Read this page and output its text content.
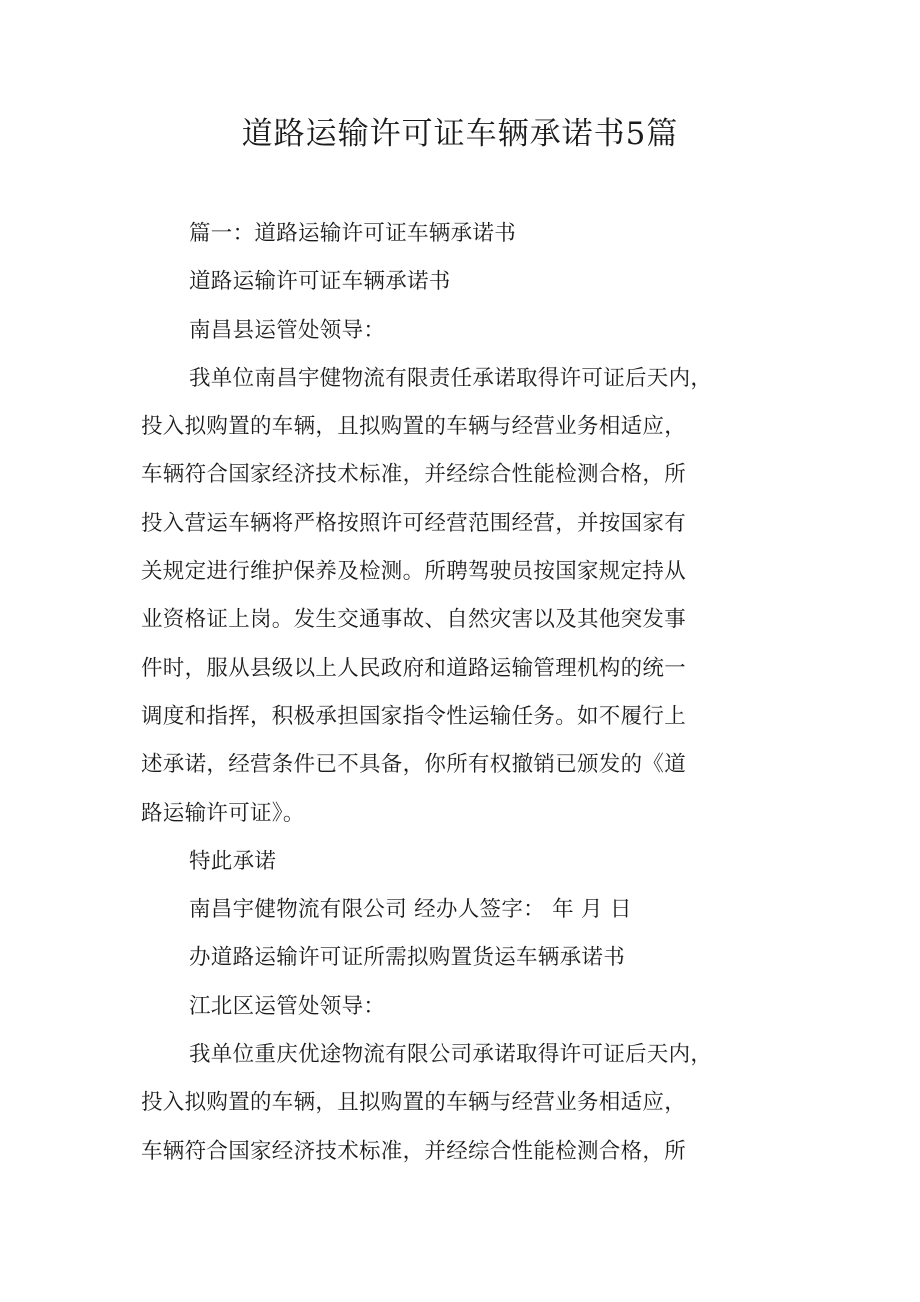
道路运输许可证车辆承诺书5篇
篇一：道路运输许可证车辆承诺书
道路运输许可证车辆承诺书
南昌县运管处领导：
我单位南昌宇健物流有限责任承诺取得许可证后天内，
投入拟购置的车辆，且拟购置的车辆与经营业务相适应，
车辆符合国家经济技术标准，并经综合性能检测合格，所
投入营运车辆将严格按照许可经营范围经营，并按国家有
关规定进行维护保养及检测。所聘驾驶员按国家规定持从
业资格证上岗。发生交通事故、自然灾害以及其他突发事
件时，服从县级以上人民政府和道路运输管理机构的统一
调度和指挥，积极承担国家指令性运输任务。如不履行上
述承诺，经营条件已不具备，你所有权撤销已颁发的《道
路运输许可证》。
特此承诺
南昌宇健物流有限公司 经办人签字： 年 月 日
办道路运输许可证所需拟购置货运车辆承诺书
江北区运管处领导：
我单位重庆优途物流有限公司承诺取得许可证后天内，
投入拟购置的车辆，且拟购置的车辆与经营业务相适应，
车辆符合国家经济技术标准，并经综合性能检测合格，所
